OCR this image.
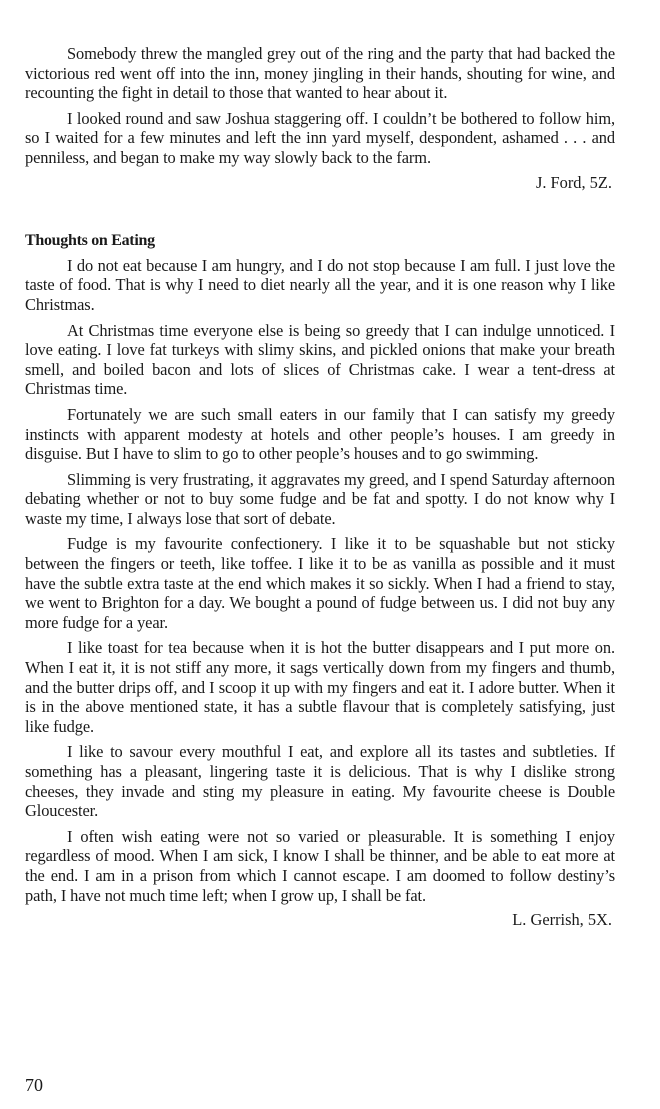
Somebody threw the mangled grey out of the ring and the party that had backed the victorious red went off into the inn, money jingling in their hands, shouting for wine, and recounting the fight in detail to those that wanted to hear about it.

I looked round and saw Joshua staggering off. I couldn’t be bothered to follow him, so I waited for a few minutes and left the inn yard myself, despondent, ashamed . . . and penniless, and began to make my way slowly back to the farm.

J. Ford, 5Z.
Thoughts on Eating

I do not eat because I am hungry, and I do not stop because I am full. I just love the taste of food. That is why I need to diet nearly all the year, and it is one reason why I like Christmas.

At Christmas time everyone else is being so greedy that I can indulge unnoticed. I love eating. I love fat turkeys with slimy skins, and pickled onions that make your breath smell, and boiled bacon and lots of slices of Christmas cake. I wear a tent-dress at Christmas time.

Fortunately we are such small eaters in our family that I can satisfy my greedy instincts with apparent modesty at hotels and other people’s houses. I am greedy in disguise. But I have to slim to go to other people’s houses and to go swimming.

Slimming is very frustrating, it aggravates my greed, and I spend Saturday afternoon debating whether or not to buy some fudge and be fat and spotty. I do not know why I waste my time, I always lose that sort of debate.

Fudge is my favourite confectionery. I like it to be squashable but not sticky between the fingers or teeth, like toffee. I like it to be as vanilla as possible and it must have the subtle extra taste at the end which makes it so sickly. When I had a friend to stay, we went to Brighton for a day. We bought a pound of fudge between us. I did not buy any more fudge for a year.

I like toast for tea because when it is hot the butter disappears and I put more on. When I eat it, it is not stiff any more, it sags vertically down from my fingers and thumb, and the butter drips off, and I scoop it up with my fingers and eat it. I adore butter. When it is in the above mentioned state, it has a subtle flavour that is completely satisfying, just like fudge.

I like to savour every mouthful I eat, and explore all its tastes and subtleties. If something has a pleasant, lingering taste it is delicious. That is why I dislike strong cheeses, they invade and sting my pleasure in eating. My favourite cheese is Double Gloucester.

I often wish eating were not so varied or pleasurable. It is something I enjoy regardless of mood. When I am sick, I know I shall be thinner, and be able to eat more at the end. I am in a prison from which I cannot escape. I am doomed to follow destiny’s path, I have not much time left; when I grow up, I shall be fat.

L. Gerrish, 5X.
70
